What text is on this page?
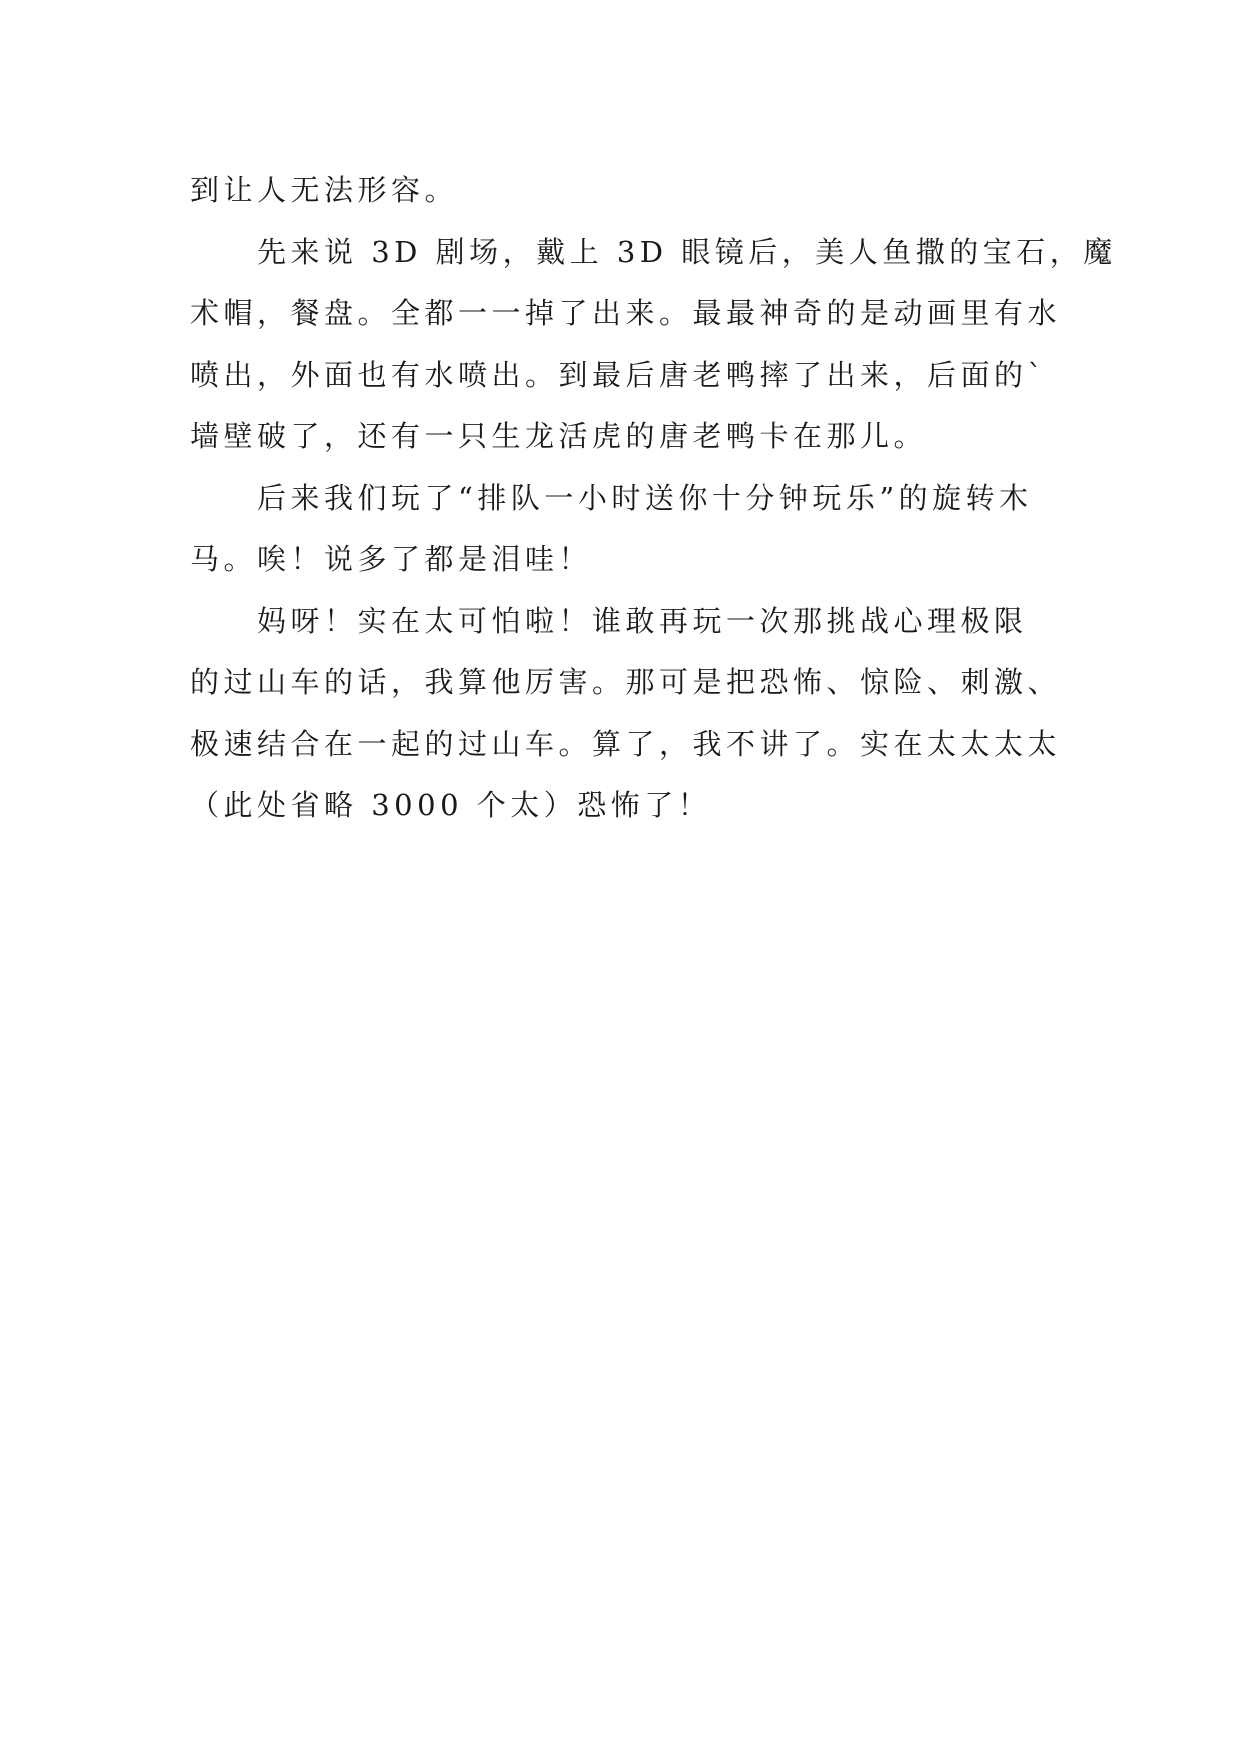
到让人无法形容。
先来说 3D 剧场，戴上 3D 眼镜后，美人鱼撒的宝石，魔
术帽，餐盘。全都一一掉了出来。最最神奇的是动画里有水
喷出，外面也有水喷出。到最后唐老鸭摔了出来，后面的`
墙壁破了，还有一只生龙活虎的唐老鸭卡在那儿。
后来我们玩了“排队一小时送你十分钟玩乐”的旋转木
马。唉！说多了都是泪哇！
妈呀！实在太可怕啦！谁敢再玩一次那挑战心理极限
的过山车的话，我算他厉害。那可是把恐怖、惊险、刺激、
极速结合在一起的过山车。算了，我不讲了。实在太太太太
（此处省略 3000 个太）恐怖了！
